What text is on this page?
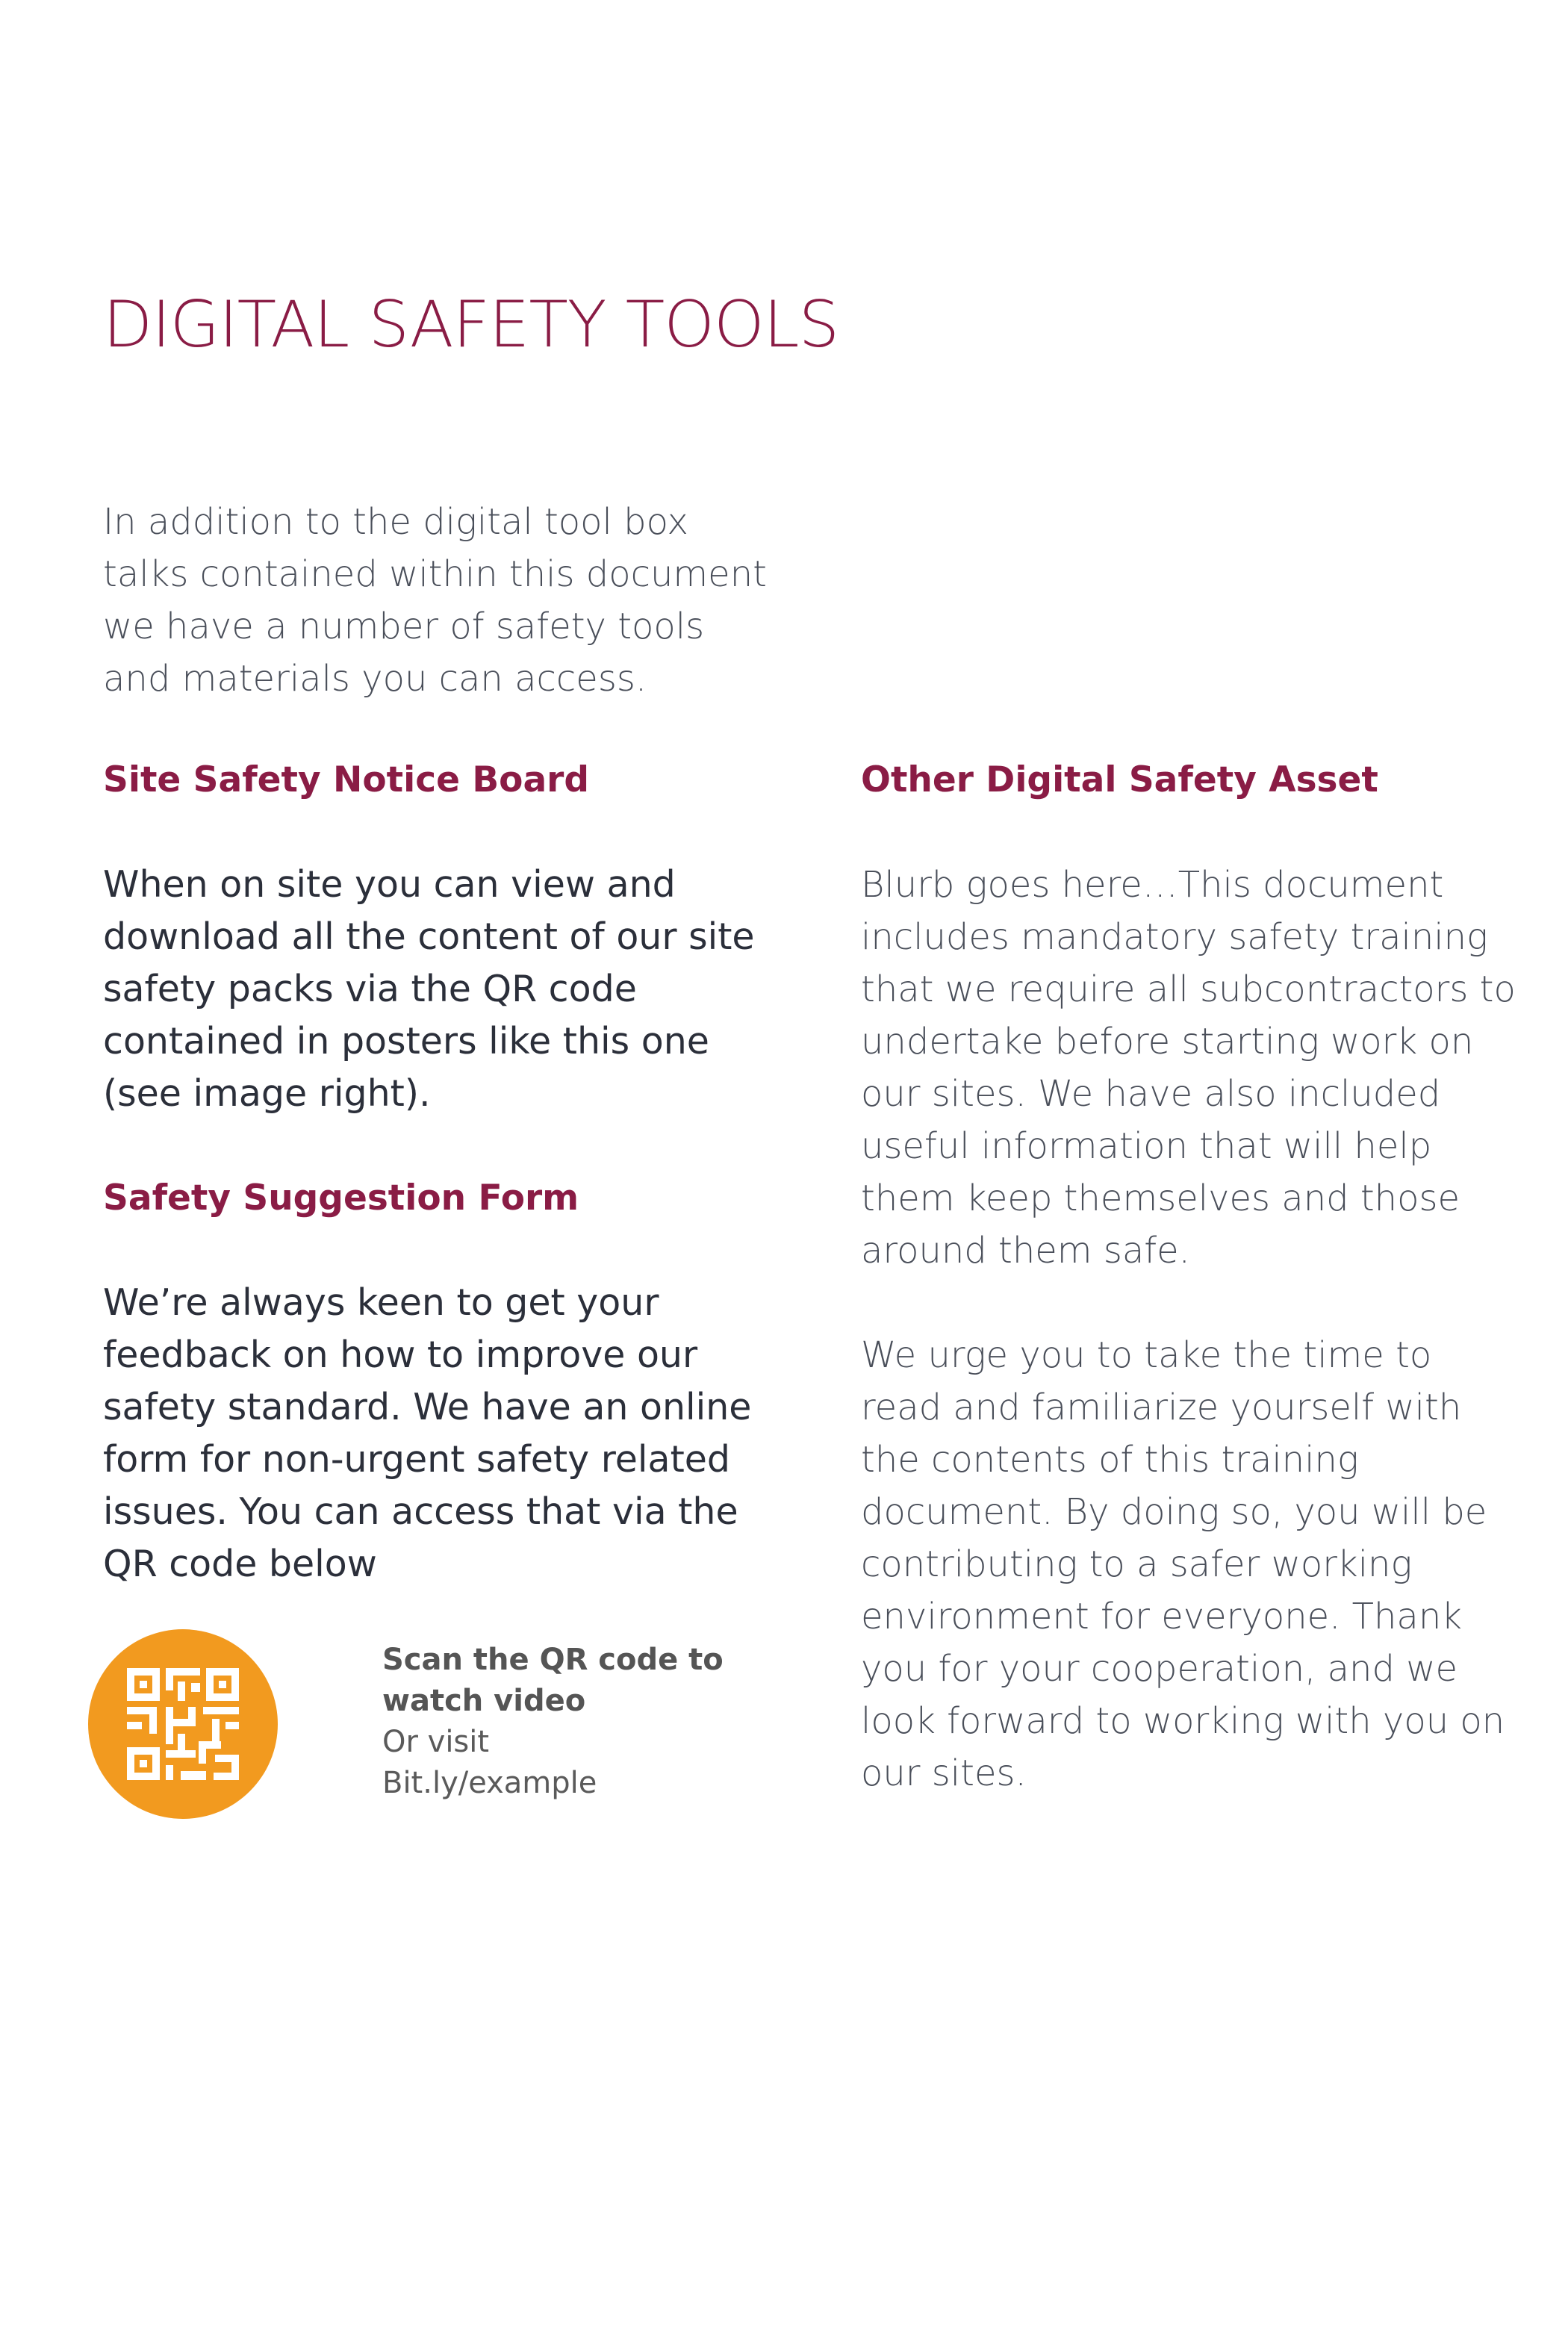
DIGITAL SAFETY TOOLS

In addition to the digital tool box talks contained within this document we have a number of safety tools and materials you can access.

Site Safety Notice Board

When on site you can view and download all the content of our site safety packs via the QR code contained in posters like this one (see image right).

Safety Suggestion Form

We’re always keen to get your feedback on how to improve our safety standard. We have an online form for non-urgent safety related issues. You can access that via the QR code below

Other Digital Safety Asset

Blurb goes here…This document includes mandatory safety training that we require all subcontractors to undertake before starting work on our sites. We have also included useful information that will help them keep themselves and those around them safe.

We urge you to take the time to read and familiarize yourself with the contents of this training document. By doing so, you will be contributing to a safer working environment for everyone. Thank you for your cooperation, and we look forward to working with you on our sites.

Scan the QR code to watch video
Or visit
Bit.ly/example
